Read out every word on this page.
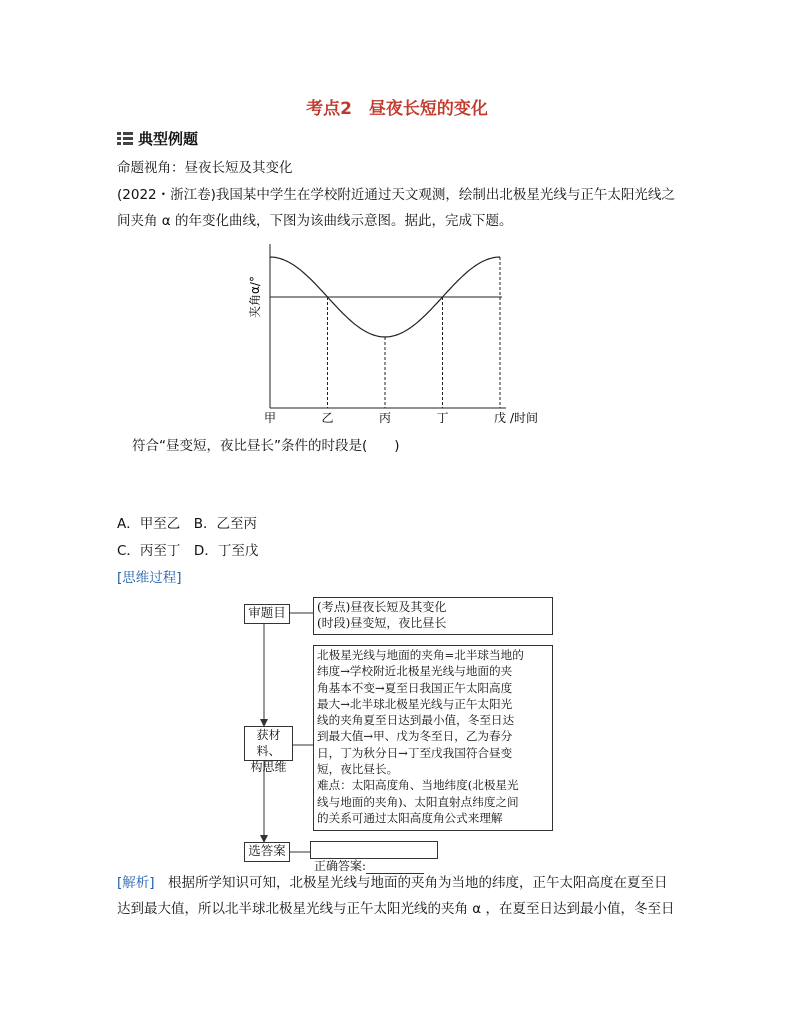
考点2　昼夜长短的变化
典型例题
命题视角：昼夜长短及其变化
(2022・浙江卷)我国某中学生在学校附近通过天文观测，绘制出北极星光线与正午太阳光线之
间夹角 α 的年变化曲线，下图为该曲线示意图。据此，完成下题。
甲	乙	丙	丁	戊 /时间
夹角α/°
符合“昼变短，夜比昼长”条件的时段是(　　)
A．甲至乙　B．乙至丙
C．丙至丁　D．丁至戊
[思维过程]
审题目	(考点)昼夜长短及其变化
(时段)昼变短，夜比昼长
获材料、
构思维
北极星光线与地面的夹角=北半球当地的
纬度→学校附近北极星光线与地面的夹
角基本不变→夏至日我国正午太阳高度
最大→北半球北极星光线与正午太阳光
线的夹角夏至日达到最小值，冬至日达
到最大值→甲、戊为冬至日，乙为春分
日，丁为秋分日→丁至戊我国符合昼变
短，夜比昼长。
难点：太阳高度角、当地纬度(北极星光
线与地面的夹角)、太阳直射点纬度之间
的关系可通过太阳高度角公式来理解
选答案

正确答案:

[解析]　根据所学知识可知，北极星光线与地面的夹角为当地的纬度，正午太阳高度在夏至日
达到最大值，所以北半球北极星光线与正午太阳光线的夹角 α ，在夏至日达到最小值，冬至日
